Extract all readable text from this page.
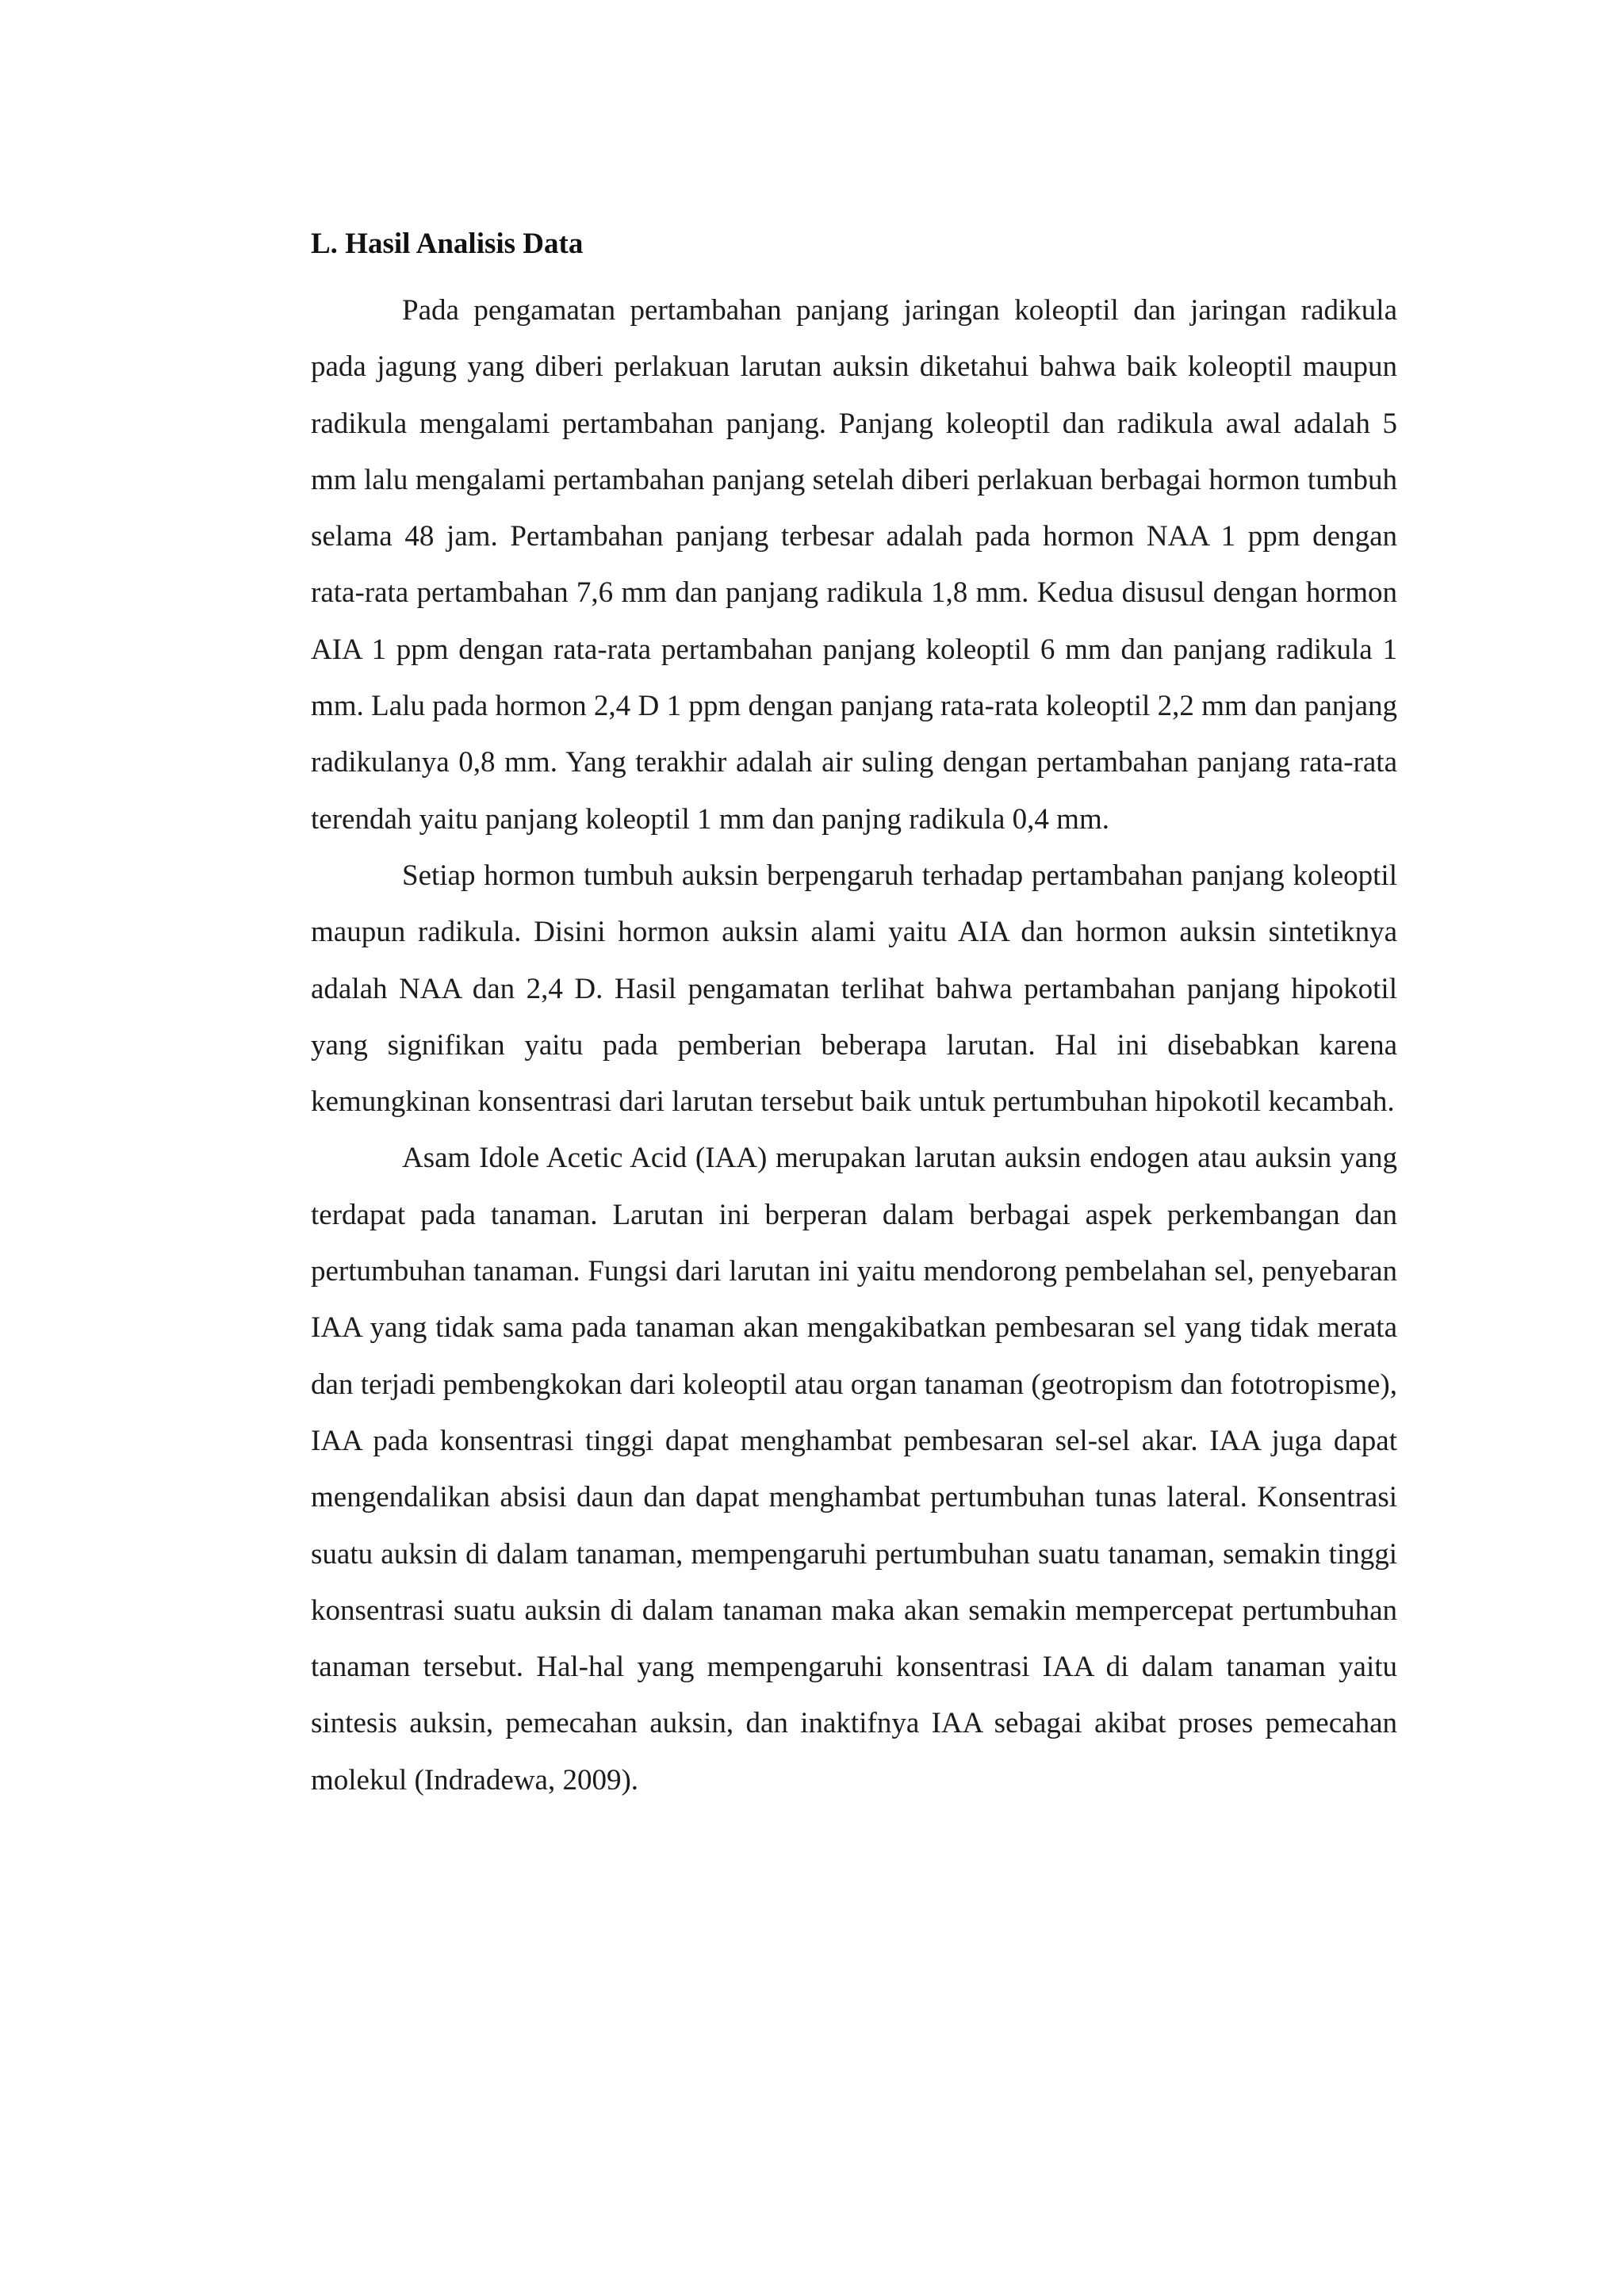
L. Hasil Analisis Data

Pada pengamatan pertambahan panjang jaringan koleoptil dan jaringan radikula pada jagung yang diberi perlakuan larutan auksin diketahui bahwa baik koleoptil maupun radikula mengalami pertambahan panjang. Panjang koleoptil dan radikula awal adalah 5 mm lalu mengalami pertambahan panjang setelah diberi perlakuan berbagai hormon tumbuh selama 48 jam. Pertambahan panjang terbesar adalah pada hormon NAA 1 ppm dengan rata-rata pertambahan 7,6 mm dan panjang radikula 1,8 mm. Kedua disusul dengan hormon AIA 1 ppm dengan rata-rata pertambahan panjang koleoptil 6 mm dan panjang radikula 1 mm. Lalu pada hormon 2,4 D 1 ppm dengan panjang rata-rata koleoptil 2,2 mm dan panjang radikulanya 0,8 mm. Yang terakhir adalah air suling dengan pertambahan panjang rata-rata terendah yaitu panjang koleoptil 1 mm dan panjng radikula 0,4 mm.

Setiap hormon tumbuh auksin berpengaruh terhadap pertambahan panjang koleoptil maupun radikula. Disini hormon auksin alami yaitu AIA dan hormon auksin sintetiknya adalah NAA dan 2,4 D. Hasil pengamatan terlihat bahwa pertambahan panjang hipokotil yang signifikan yaitu pada pemberian beberapa larutan. Hal ini disebabkan karena kemungkinan konsentrasi dari larutan tersebut baik untuk pertumbuhan hipokotil kecambah.

Asam Idole Acetic Acid (IAA) merupakan larutan auksin endogen atau auksin yang terdapat pada tanaman. Larutan ini berperan dalam berbagai aspek perkembangan dan pertumbuhan tanaman. Fungsi dari larutan ini yaitu mendorong pembelahan sel, penyebaran IAA yang tidak sama pada tanaman akan mengakibatkan pembesaran sel yang tidak merata dan terjadi pembengkokan dari koleoptil atau organ tanaman (geotropism dan fototropisme), IAA pada konsentrasi tinggi dapat menghambat pembesaran sel-sel akar. IAA juga dapat mengendalikan absisi daun dan dapat menghambat pertumbuhan tunas lateral. Konsentrasi suatu auksin di dalam tanaman, mempengaruhi pertumbuhan suatu tanaman, semakin tinggi konsentrasi suatu auksin di dalam tanaman maka akan semakin mempercepat pertumbuhan tanaman tersebut. Hal-hal yang mempengaruhi konsentrasi IAA di dalam tanaman yaitu sintesis auksin, pemecahan auksin, dan inaktifnya IAA sebagai akibat proses pemecahan molekul (Indradewa, 2009).
